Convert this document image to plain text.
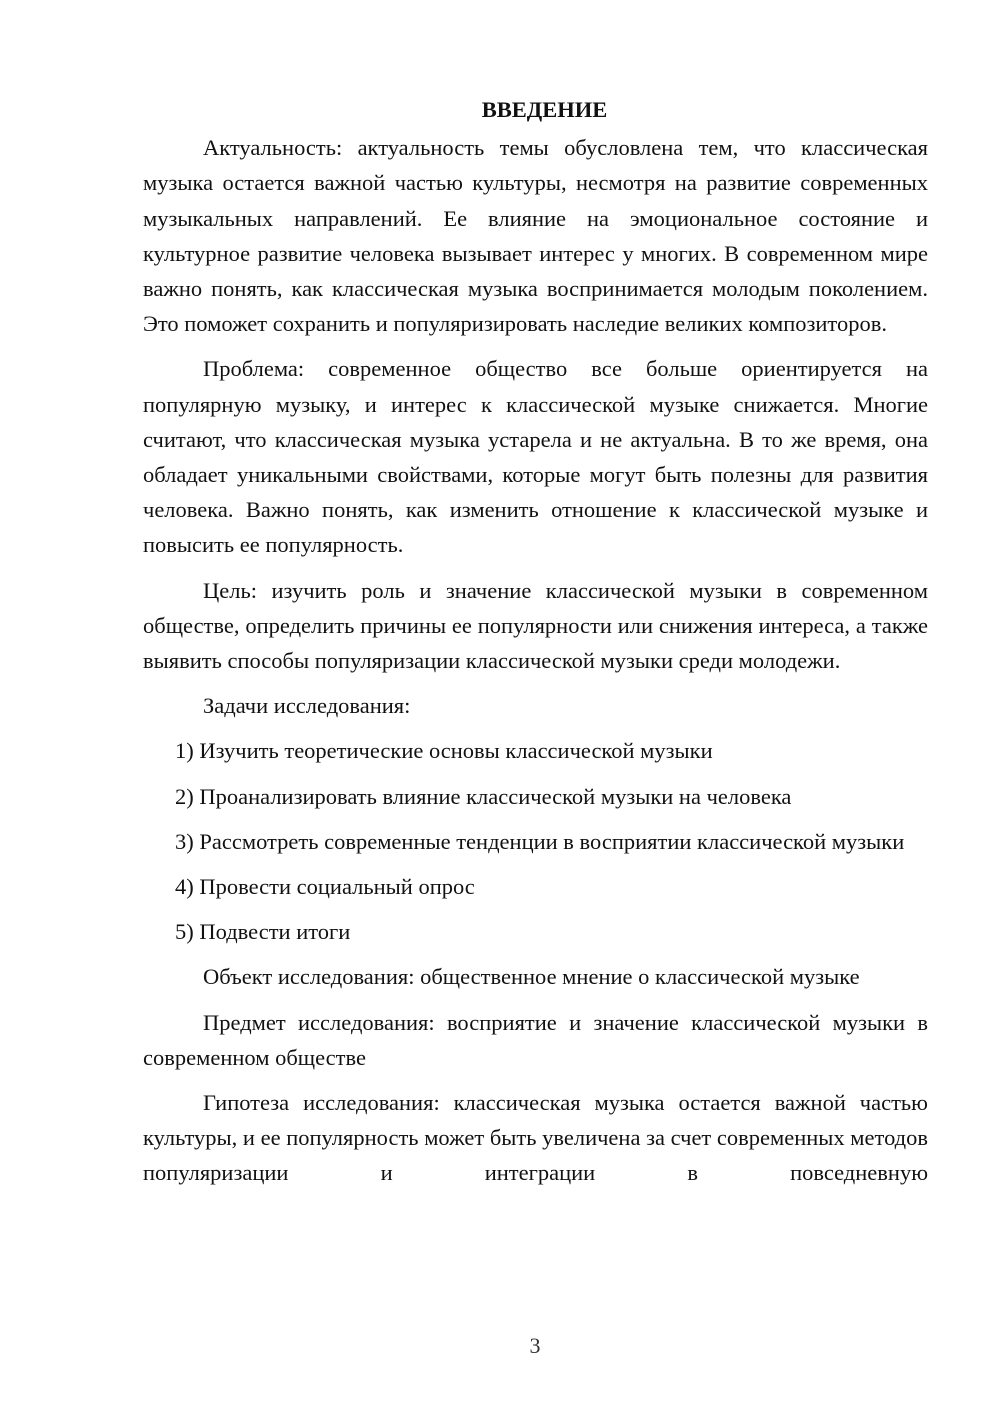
ВВЕДЕНИЕ

Актуальность: актуальность темы обусловлена тем, что классическая музыка остается важной частью культуры, несмотря на развитие современных музыкальных направлений. Ее влияние на эмоциональное состояние и культурное развитие человека вызывает интерес у многих. В современном мире важно понять, как классическая музыка воспринимается молодым поколением. Это поможет сохранить и популяризировать наследие великих композиторов.

Проблема: современное общество все больше ориентируется на популярную музыку, и интерес к классической музыке снижается. Многие считают, что классическая музыка устарела и не актуальна. В то же время, она обладает уникальными свойствами, которые могут быть полезны для развития человека. Важно понять, как изменить отношение к классической музыке и повысить ее популярность.

Цель: изучить роль и значение классической музыки в современном обществе, определить причины ее популярности или снижения интереса, а также выявить способы популяризации классической музыки среди молодежи.

Задачи исследования:

1) Изучить теоретические основы классической музыки

2) Проанализировать влияние классической музыки на человека

3) Рассмотреть современные тенденции в восприятии классической музыки

4) Провести социальный опрос

5) Подвести итоги

Объект исследования: общественное мнение о классической музыке

Предмет исследования: восприятие и значение классической музыки в современном обществе

Гипотеза исследования: классическая музыка остается важной частью культуры, и ее популярность может быть увеличена за счет современных методов популяризации и интеграции в повседневную

3
